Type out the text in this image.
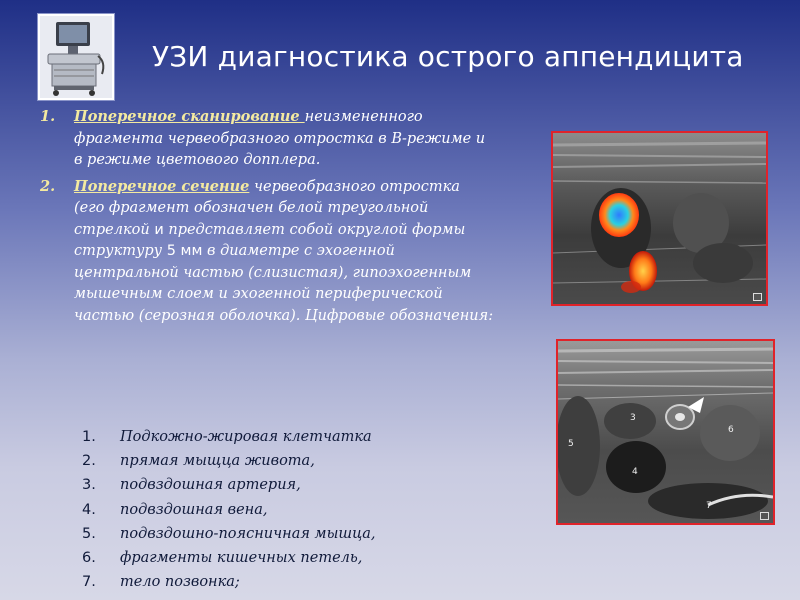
УЗИ диагностика острого аппендицита
1.	Поперечное сканирование неизмененного фрагмента червеобразного отростка в В-режиме и в режиме цветового допплера.
2.	Поперечное сечение червеобразного отростка (его фрагмент обозначен белой треугольной стрелкой и представляет собой округлой формы структуру 5 мм в диаметре с эхогенной центральной частью (слизистая), гипоэхогенным мышечным слоем и эхогенной периферической частью (серозная оболочка). Цифровые обозначения:
1. Подкожно-жировая клетчатка
2. прямая мыщца живота,
3. подвздошная артерия,
4. подвздошная вена,
5. подвздошно-поясничная мышца,
6. фрагменты кишечных петель,
7. тело позвонка;
3
5
4
6
7
